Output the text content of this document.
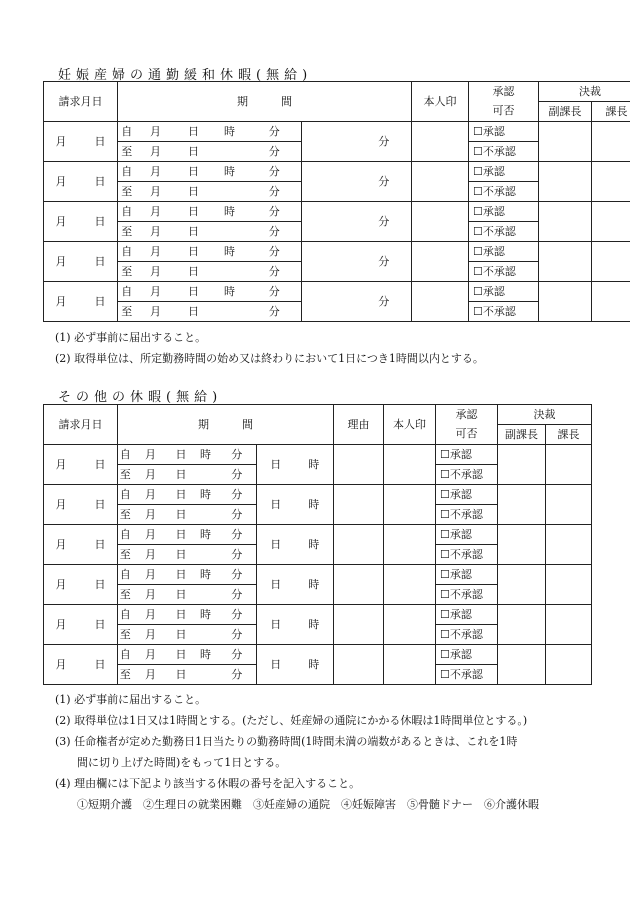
妊娠産婦の通勤緩和休暇(無給)
請求月日	期　　　間							本人印	承認	決裁	
									可否	副課長	課長
月 日	自	月	日	時	分		分		☐承認		
	至	月	日		分				☐不承認		
月 日	自	月	日	時	分		分		☐承認		
	至	月	日		分				☐不承認		
月 日	自	月	日	時	分		分		☐承認		
	至	月	日		分				☐不承認		
月 日	自	月	日	時	分		分		☐承認		
	至	月	日		分				☐不承認		
月 日	自	月	日	時	分		分		☐承認		
	至	月	日		分				☐不承認		
(1) 必ず事前に届出すること。
(2) 取得単位は、所定勤務時間の始め又は終わりにおいて1日につき1時間以内とする。
その他の休暇(無給)
請求月日	期　　　間							理由	本人印	承認	決裁	
										可否	副課長	課長
月 日	自	月	日	時	分	日	時			☐承認		
	至	月	日		分					☐不承認		
月 日	自	月	日	時	分	日	時			☐承認		
	至	月	日		分					☐不承認		
月 日	自	月	日	時	分	日	時			☐承認		
	至	月	日		分					☐不承認		
月 日	自	月	日	時	分	日	時			☐承認		
	至	月	日		分					☐不承認		
月 日	自	月	日	時	分	日	時			☐承認		
	至	月	日		分					☐不承認		
月 日	自	月	日	時	分	日	時			☐承認		
	至	月	日		分					☐不承認		
(1) 必ず事前に届出すること。
(2) 取得単位は1日又は1時間とする。(ただし、妊産婦の通院にかかる休暇は1時間単位とする。)
(3) 任命権者が定めた勤務日1日当たりの勤務時間(1時間未満の端数があるときは、これを1時
間に切り上げた時間)をもって1日とする。
(4) 理由欄には下記より該当する休暇の番号を記入すること。
①短期介護　②生理日の就業困難　③妊産婦の通院　④妊娠障害　⑤骨髄ドナー　⑥介護休暇
